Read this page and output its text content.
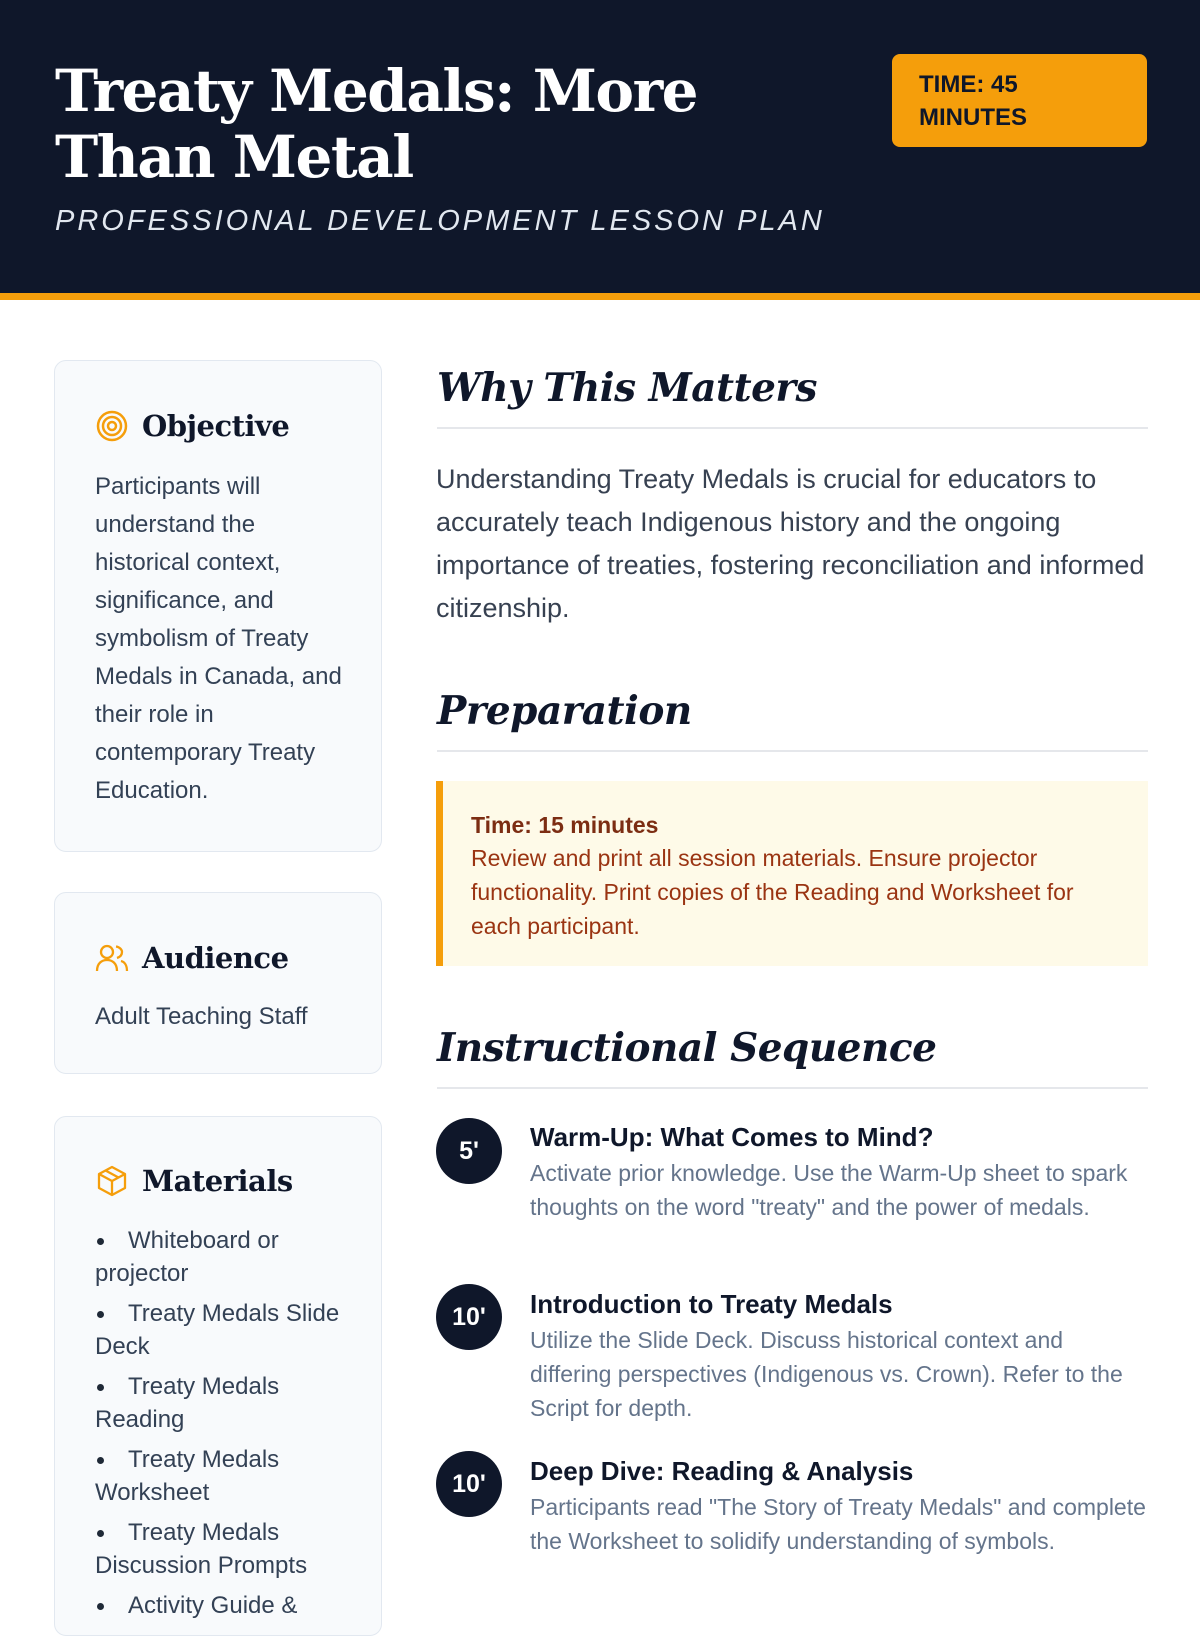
Treaty Medals: More Than Metal
PROFESSIONAL DEVELOPMENT LESSON PLAN
TIME: 45 MINUTES
Objective
Participants will understand the historical context, significance, and symbolism of Treaty Medals in Canada, and their role in contemporary Treaty Education.
Audience
Adult Teaching Staff
Materials
Whiteboard or projector
Treaty Medals Slide Deck
Treaty Medals Reading
Treaty Medals Worksheet
Treaty Medals Discussion Prompts
Activity Guide &
Why This Matters

Understanding Treaty Medals is crucial for educators to accurately teach Indigenous history and the ongoing importance of treaties, fostering reconciliation and informed citizenship.

Preparation
Time: 15 minutes
Review and print all session materials. Ensure projector functionality. Print copies of the Reading and Worksheet for each participant.
Instructional Sequence
5'	Warm-Up: What Comes to Mind?
Activate prior knowledge. Use the Warm-Up sheet to spark thoughts on the word "treaty" and the power of medals.
10'	Introduction to Treaty Medals
Utilize the Slide Deck. Discuss historical context and differing perspectives (Indigenous vs. Crown). Refer to the Script for depth.
10'	Deep Dive: Reading & Analysis
Participants read "The Story of Treaty Medals" and complete the Worksheet to solidify understanding of symbols.
